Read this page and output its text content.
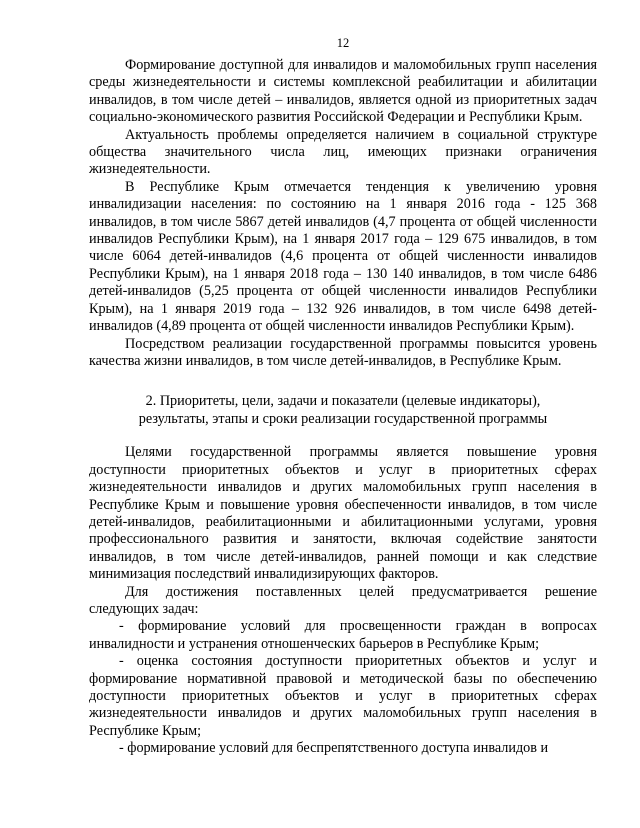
12

Формирование доступной для инвалидов и маломобильных групп населения среды жизнедеятельности и системы комплексной реабилитации и абилитации инвалидов, в том числе детей – инвалидов, является одной из приоритетных задач социально-экономического развития Российской Федерации и Республики Крым.

Актуальность проблемы определяется наличием в социальной структуре общества значительного числа лиц, имеющих признаки ограничения жизнедеятельности.

В Республике Крым отмечается тенденция к увеличению уровня инвалидизации населения: по состоянию на 1 января 2016 года - 125 368 инвалидов, в том числе 5867 детей инвалидов (4,7 процента от общей численности инвалидов Республики Крым), на 1 января 2017 года – 129 675 инвалидов, в том числе 6064 детей-инвалидов (4,6 процента от общей численности инвалидов Республики Крым), на 1 января 2018 года – 130 140 инвалидов, в том числе 6486 детей-инвалидов (5,25 процента от общей численности инвалидов Республики Крым), на 1 января 2019 года – 132 926 инвалидов, в том числе 6498 детей-инвалидов (4,89 процента от общей численности инвалидов Республики Крым).

Посредством реализации государственной программы повысится уровень качества жизни инвалидов, в том числе детей-инвалидов, в Республике Крым.

2. Приоритеты, цели, задачи и показатели (целевые индикаторы),
результаты, этапы и сроки реализации государственной программы

Целями государственной программы является повышение уровня доступности приоритетных объектов и услуг в приоритетных сферах жизнедеятельности инвалидов и других маломобильных групп населения в Республике Крым и повышение уровня обеспеченности инвалидов, в том числе детей-инвалидов, реабилитационными и абилитационными услугами, уровня профессионального развития и занятости, включая содействие занятости инвалидов, в том числе детей-инвалидов, ранней помощи и как следствие минимизация последствий инвалидизирующих факторов.

Для достижения поставленных целей предусматривается решение следующих задач:

- формирование условий для просвещенности граждан в вопросах инвалидности и устранения отношенческих барьеров в Республике Крым;

- оценка состояния доступности приоритетных объектов и услуг и формирование нормативной правовой и методической базы по обеспечению доступности приоритетных объектов и услуг в приоритетных сферах жизнедеятельности инвалидов и других маломобильных групп населения в Республике Крым;

- формирование условий для беспрепятственного доступа инвалидов и
